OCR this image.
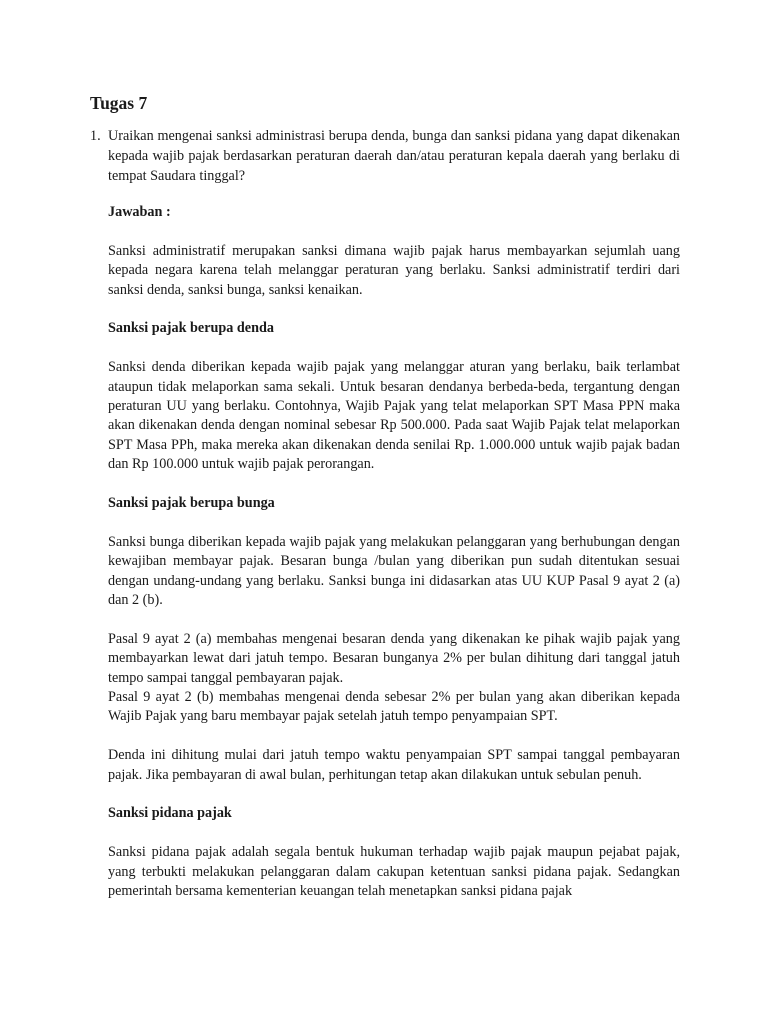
Tugas 7
1. Uraikan mengenai sanksi administrasi berupa denda, bunga dan sanksi pidana yang dapat dikenakan kepada wajib pajak berdasarkan peraturan daerah dan/atau peraturan kepala daerah yang berlaku di tempat Saudara tinggal?
Jawaban :

Sanksi administratif merupakan sanksi dimana wajib pajak harus membayarkan sejumlah uang kepada negara karena telah melanggar peraturan yang berlaku. Sanksi administratif terdiri dari sanksi denda, sanksi bunga, sanksi kenaikan.

Sanksi pajak berupa denda

Sanksi denda diberikan kepada wajib pajak yang melanggar aturan yang berlaku, baik terlambat ataupun tidak melaporkan sama sekali. Untuk besaran dendanya berbeda-beda, tergantung dengan peraturan UU yang berlaku. Contohnya, Wajib Pajak yang telat melaporkan SPT Masa PPN maka akan dikenakan denda dengan nominal sebesar Rp 500.000. Pada saat Wajib Pajak telat melaporkan SPT Masa PPh, maka mereka akan dikenakan denda senilai Rp. 1.000.000 untuk wajib pajak badan dan Rp 100.000 untuk wajib pajak perorangan.

Sanksi pajak berupa bunga

Sanksi bunga diberikan kepada wajib pajak yang melakukan pelanggaran yang berhubungan dengan kewajiban membayar pajak. Besaran bunga /bulan yang diberikan pun sudah ditentukan sesuai dengan undang-undang yang berlaku. Sanksi bunga ini didasarkan atas UU KUP Pasal 9 ayat 2 (a) dan 2 (b).

Pasal 9 ayat 2 (a) membahas mengenai besaran denda yang dikenakan ke pihak wajib pajak yang membayarkan lewat dari jatuh tempo. Besaran bunganya 2% per bulan dihitung dari tanggal jatuh tempo sampai tanggal pembayaran pajak.

Pasal 9 ayat 2 (b) membahas mengenai denda sebesar 2% per bulan yang akan diberikan kepada Wajib Pajak yang baru membayar pajak setelah jatuh tempo penyampaian SPT.

Denda ini dihitung mulai dari jatuh tempo waktu penyampaian SPT sampai tanggal pembayaran pajak. Jika pembayaran di awal bulan, perhitungan tetap akan dilakukan untuk sebulan penuh.

Sanksi pidana pajak

Sanksi pidana pajak adalah segala bentuk hukuman terhadap wajib pajak maupun pejabat pajak, yang terbukti melakukan pelanggaran dalam cakupan ketentuan sanksi pidana pajak. Sedangkan pemerintah bersama kementerian keuangan telah menetapkan sanksi pidana pajak
